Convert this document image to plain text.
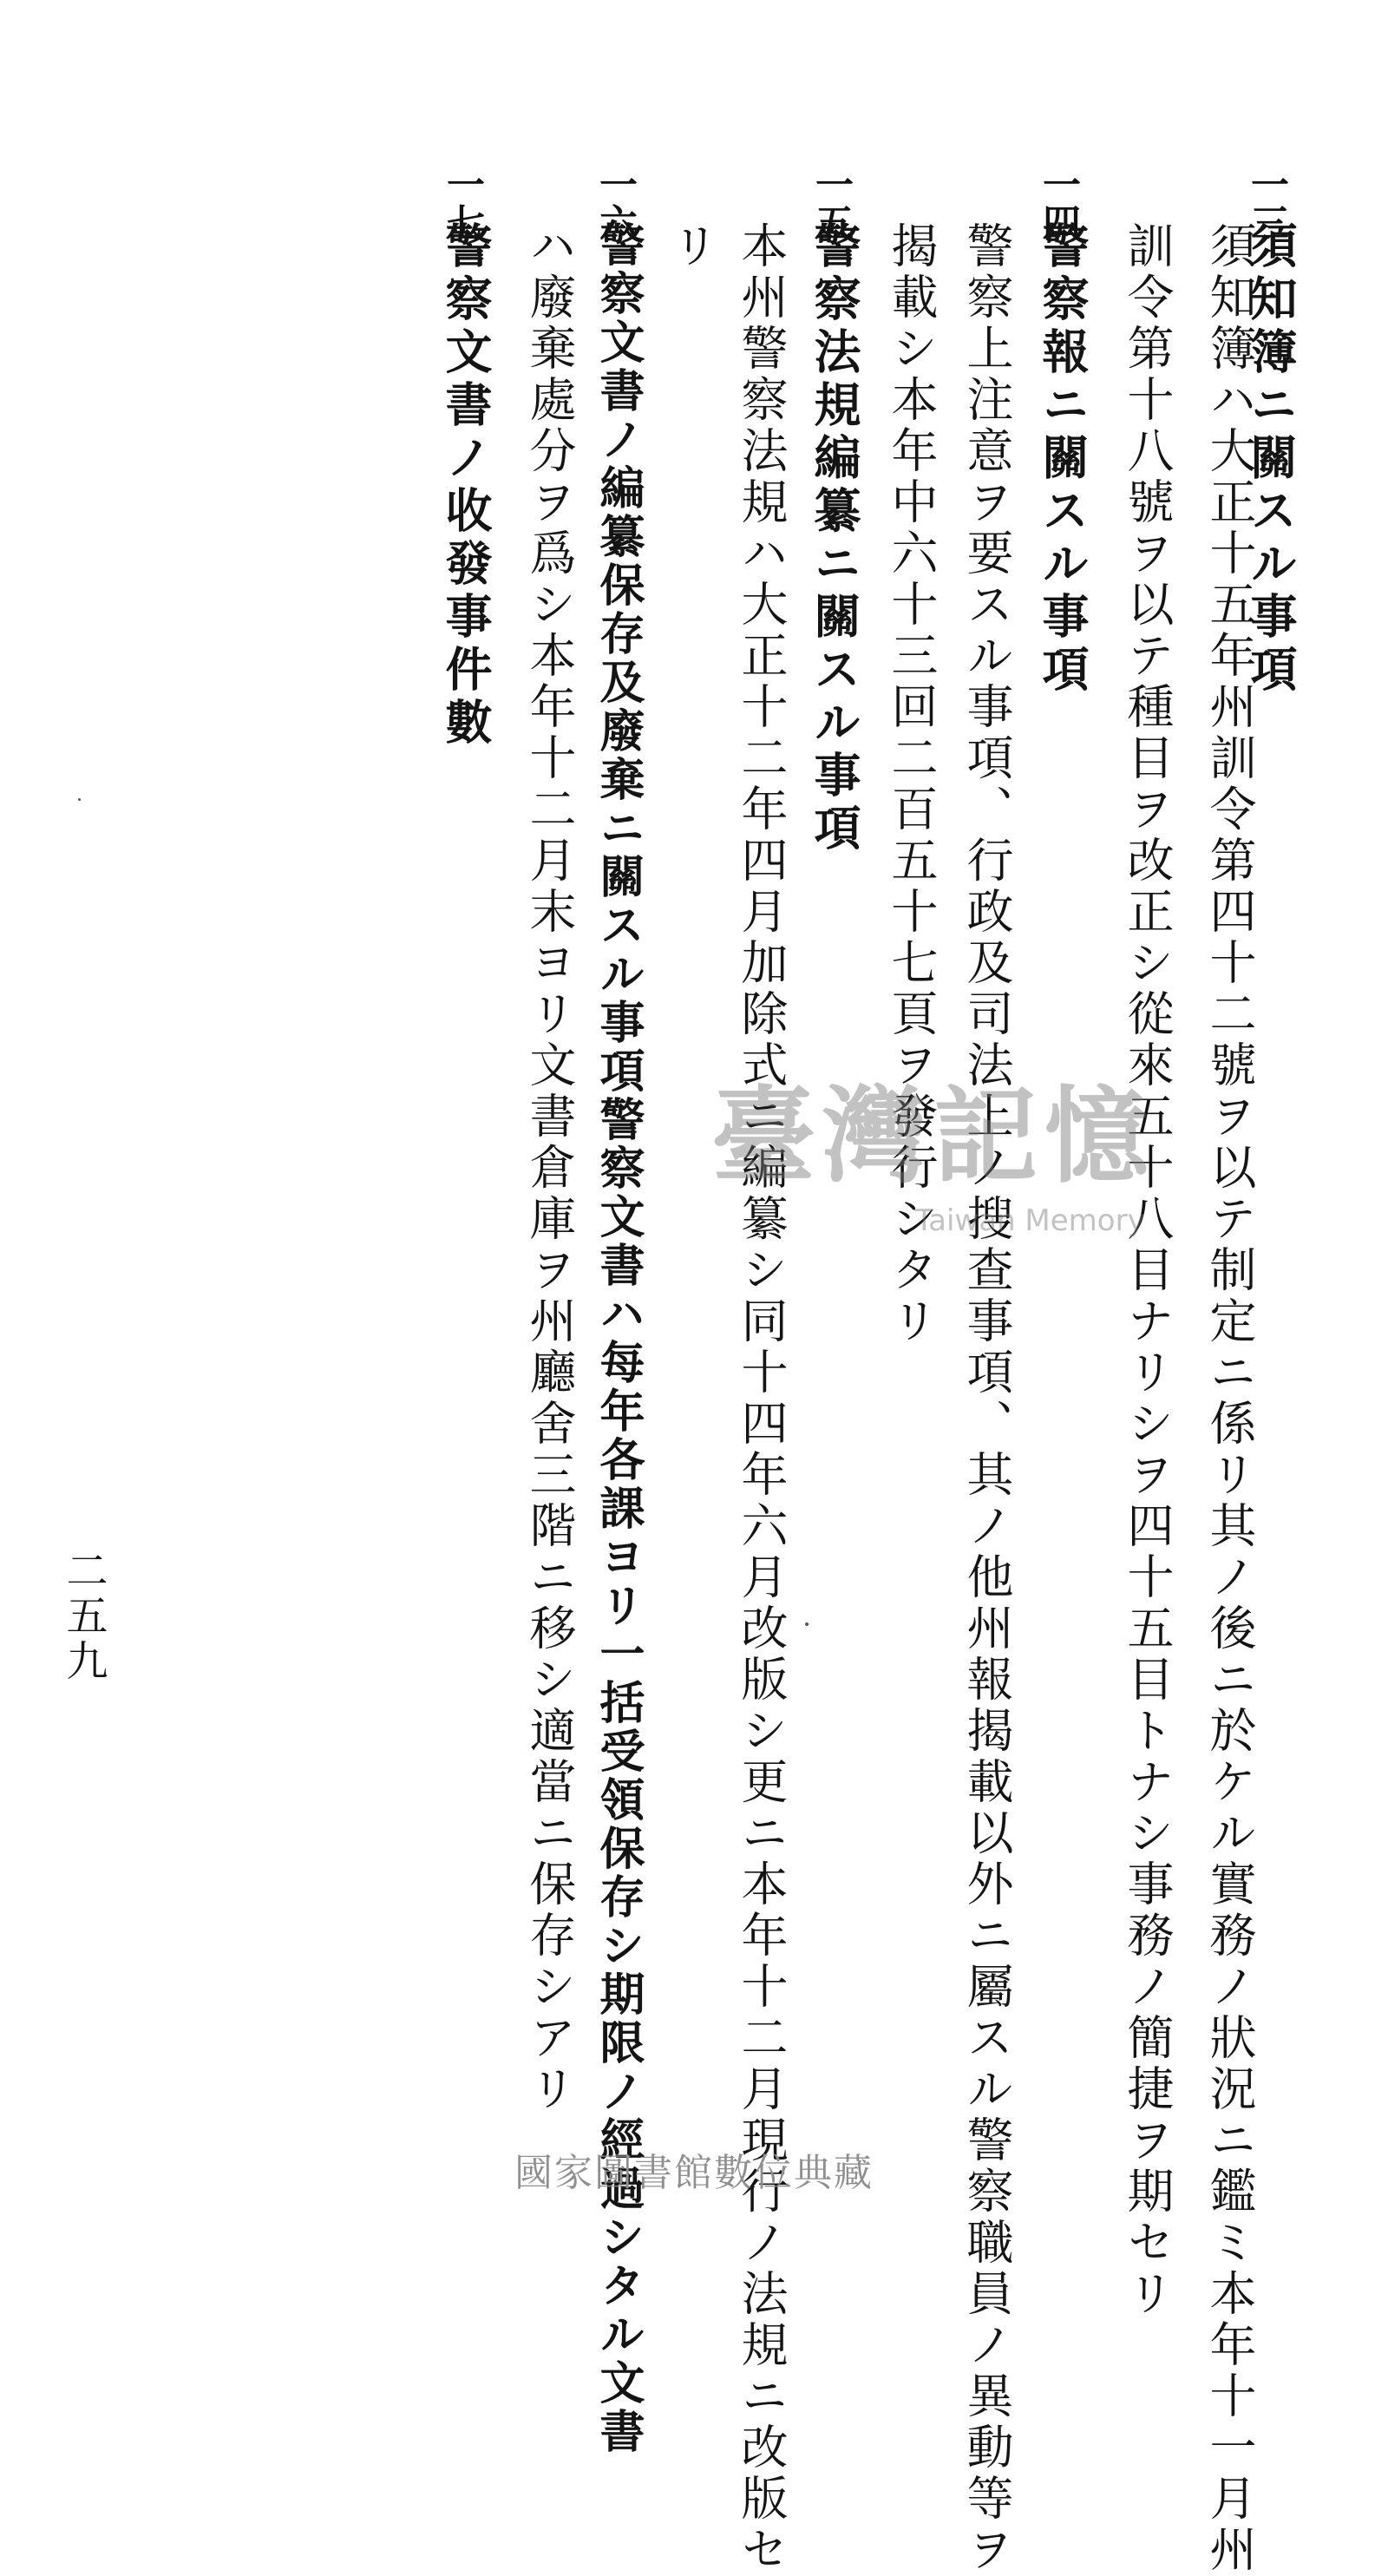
一三
須知簿ニ關スル事項
須知簿ハ大正十五年州訓令第四十二號ヲ以テ制定ニ係リ其ノ後ニ於ケル實務ノ狀況ニ鑑ミ本年十一月州
訓令第十八號ヲ以テ種目ヲ改正シ從來五十八目ナリシヲ四十五目トナシ事務ノ簡捷ヲ期セリ
一四
警察報ニ關スル事項
警察上注意ヲ要スル事項、行政及司法上ノ搜查事項、其ノ他州報揭載以外ニ屬スル警察職員ノ異動等ヲ
揭載シ本年中六十三回二百五十七頁ヲ發行シタリ
一五
警察法規編纂ニ關スル事項
本州警察法規ハ大正十二年四月加除式ニ編纂シ同十四年六月改版シ更ニ本年十二月現行ノ法規ニ改版セ
リ
一六
警察文書ノ編纂保存及廢棄ニ關スル事項警察文書ハ每年各課ヨリ一括受領保存シ期限ノ經過シタル文書
ハ廢棄處分ヲ爲シ本年十二月末ヨリ文書倉庫ヲ州廳舍三階ニ移シ適當ニ保存シアリ
一七
警察文書ノ收發事件數
二五九
臺灣記憶
Taiwan Memory
國家圖書館數位典藏
